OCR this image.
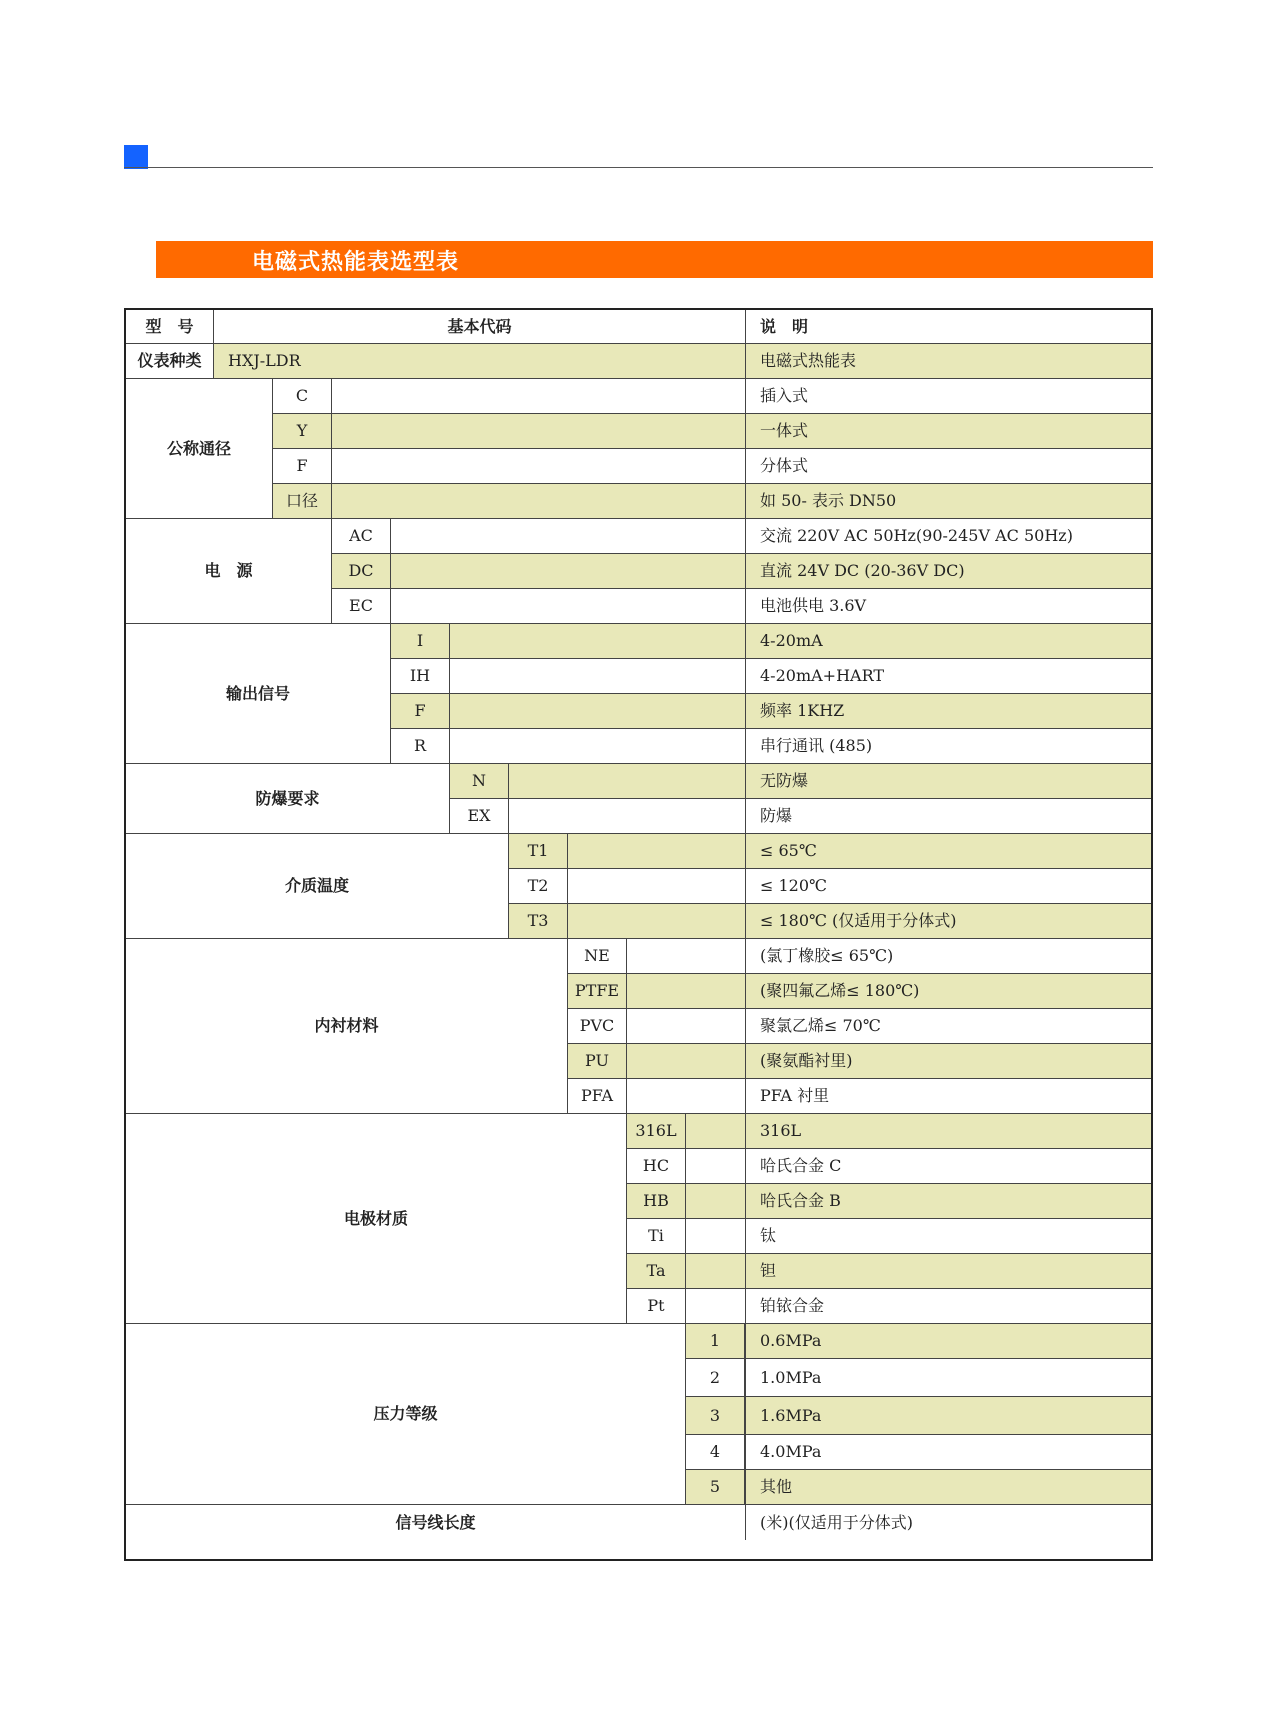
电磁式热能表选型表
型　号	基本代码	说　明
仪表种类	HXJ-LDR	电磁式热能表
公称通径
C	插入式
Y	一体式
F	分体式
口径	如 50- 表示 DN50
电　源
AC	交流 220V AC 50Hz(90-245V AC 50Hz)
DC	直流 24V DC (20-36V DC)
EC	电池供电 3.6V
输出信号
I	4-20mA
IH	4-20mA+HART
F	频率 1KHZ
R	串行通讯 (485)
防爆要求
N	无防爆
EX	防爆
介质温度
T1	≤ 65℃
T2	≤ 120℃
T3	≤ 180℃ (仅适用于分体式)
内衬材料
NE	(氯丁橡胶≤ 65℃)
PTFE	(聚四氟乙烯≤ 180℃)
PVC	聚氯乙烯≤ 70℃
PU	(聚氨酯衬里)
PFA	PFA 衬里
电极材质
316L	316L
HC	哈氏合金 C
HB	哈氏合金 B
Ti	钛
Ta	钽
Pt	铂铱合金
压力等级
1	0.6MPa
2	1.0MPa
3	1.6MPa
4	4.0MPa
5	其他
信号线长度	(米)(仅适用于分体式)
